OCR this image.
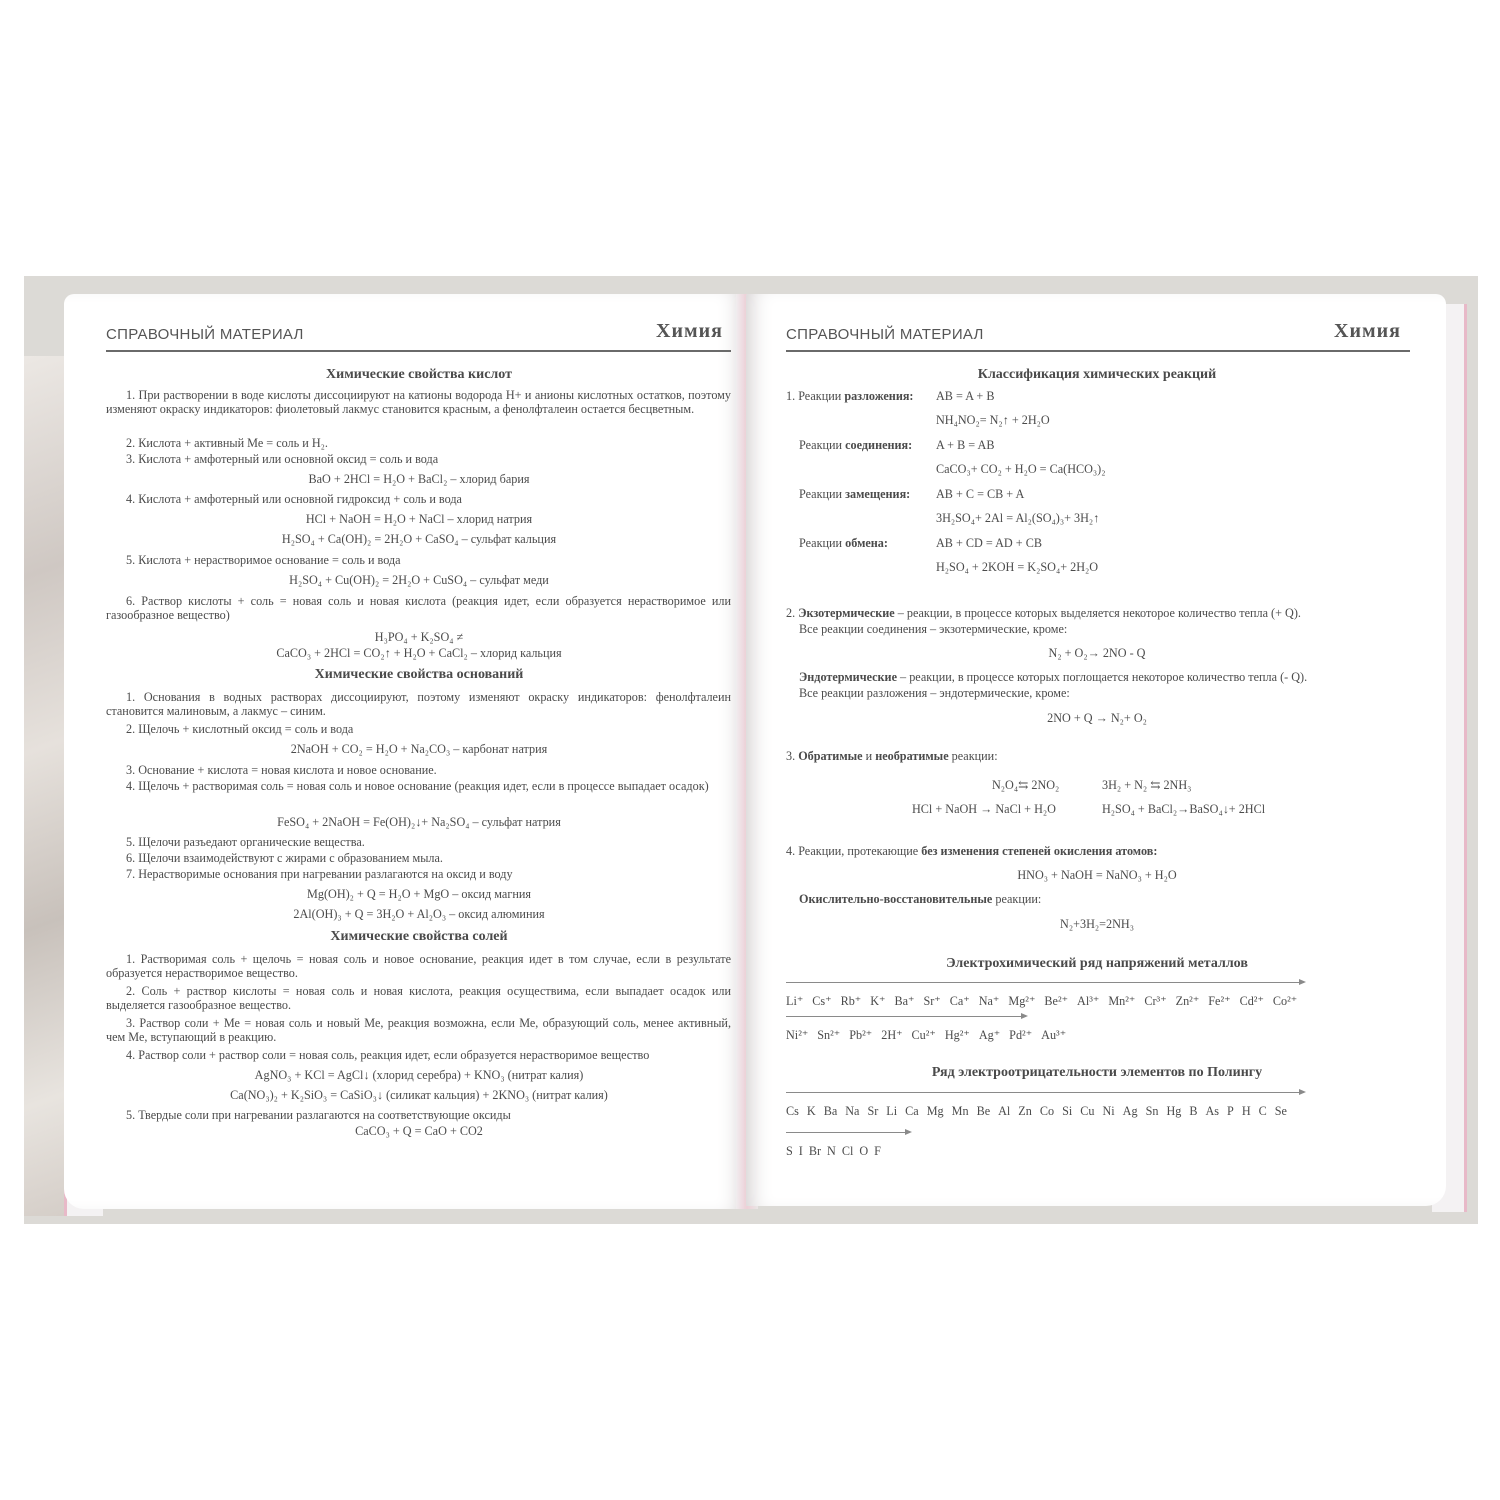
СПРАВОЧНЫЙ МАТЕРИАЛ	Химия
Химические свойства кислот
1. При растворении в воде кислоты диссоциируют на катионы водорода H+ и анионы кислотных остатков, поэтому изменяют окраску индикаторов: фиолетовый лакмус становится красным, а фенолфталеин остается бесцветным.
2. Кислота + активный Ме = соль и H₂.
3. Кислота + амфотерный или основной оксид = соль и вода
BaO + 2HCl = H₂O + BaCl₂ – хлорид бария
4. Кислота + амфотерный или основной гидроксид + соль и вода
HCl + NaOH = H₂O + NaCl – хлорид натрия
H₂SO₄ + Ca(OH)₂ = 2H₂O + CaSO₄ – сульфат кальция
5. Кислота + нерастворимое основание = соль и вода
H₂SO₄ + Cu(OH)₂ = 2H₂O + CuSO₄ – сульфат меди
6. Раствор кислоты + соль = новая соль и новая кислота (реакция идет, если образуется нерастворимое или газообразное вещество)
H₃PO₄ + K₂SO₄ ≠
CaCO₃ + 2HCl = CO₂↑ + H₂O + CaCl₂ – хлорид кальция
Химические свойства оснований
1. Основания в водных растворах диссоциируют, поэтому изменяют окраску индикаторов: фенолфталеин становится малиновым, а лакмус – синим.
2. Щелочь + кислотный оксид = соль и вода
2NaOH + CO₂ = H₂O + Na₂CO₃ – карбонат натрия
3. Основание + кислота = новая кислота и новое основание.
4. Щелочь + растворимая соль = новая соль и новое основание (реакция идет, если в процессе выпадает осадок)
FeSO₄ + 2NaOH = Fe(OH)₂↓+ Na₂SO₄ – сульфат натрия
5. Щелочи разъедают органические вещества.
6. Щелочи взаимодействуют с жирами с образованием мыла.
7. Нерастворимые основания при нагревании разлагаются на оксид и воду
Mg(OH)₂ + Q = H₂O + MgO – оксид магния
2Al(OH)₃ + Q = 3H₂O + Al₂O₃ – оксид алюминия
Химические свойства солей
1. Растворимая соль + щелочь = новая соль и новое основание, реакция идет в том случае, если в результате образуется нерастворимое вещество.
2. Соль + раствор кислоты = новая соль и новая кислота, реакция осуществима, если выпадает осадок или выделяется газообразное вещество.
3. Раствор соли + Ме = новая соль и новый Ме, реакция возможна, если Ме, образующий соль, менее активный, чем Ме, вступающий в реакцию.
4. Раствор соли + раствор соли = новая соль, реакция идет, если образуется нерастворимое вещество
AgNO₃ + KCl = AgCl↓ (хлорид серебра) + KNO₃ (нитрат калия)
Ca(NO₃)₂ + K₂SiO₃ = CaSiO₃↓ (силикат кальция) + 2KNO₃ (нитрат калия)
5. Твердые соли при нагревании разлагаются на соответствующие оксиды
CaCO₃ + Q = CaO + CO2
СПРАВОЧНЫЙ МАТЕРИАЛ	Химия
Классификация химических реакций
1. Реакции разложения: AB = A + B
NH₄NO₂= N₂↑ + 2H₂O
Реакции соединения: A + B = AB
CaCO₃+ CO₂ + H₂O = Ca(HCO₃)₂
Реакции замещения: AB + C = CB + A
3H₂SO₄+ 2Al = Al₂(SO₄)₃+ 3H₂↑
Реакции обмена:	AB + CD = AD + CB
H₂SO₄ + 2KOH = K₂SO₄+ 2H₂O
2. Экзотермические – реакции, в процессе которых выделяется некоторое количество тепла (+ Q).
Все реакции соединения – экзотермические, кроме:
N₂ + O₂→ 2NO - Q
Эндотермические – реакции, в процессе которых поглощается некоторое количество тепла (- Q).
Все реакции разложения – эндотермические, кроме:
2NO + Q → N₂+ O₂
3. Обратимые и необратимые реакции:
N₂O₄⇆ 2NO₂	3H₂ + N₂ ⇆ 2NH₃
HCl + NaOH → NaCl + H₂O	H₂SO₄ + BaCl₂→BaSO₄↓+ 2HCl
4. Реакции, протекающие без изменения степеней окисления атомов:
HNO₃ + NaOH = NaNO₃ + H₂O
Окислительно-восстановительные реакции:
N₂+3H₂=2NH₃
Электрохимический ряд напряжений металлов
Li⁺ Cs⁺ Rb⁺ K⁺ Ba⁺ Sr⁺ Ca⁺ Na⁺ Mg²⁺ Be²⁺ Al³⁺ Mn²⁺ Cr³⁺ Zn²⁺ Fe²⁺ Cd²⁺ Co²⁺
Ni²⁺ Sn²⁺ Pb²⁺ 2H⁺ Cu²⁺ Hg²⁺ Ag⁺ Pd²⁺ Au³⁺
Ряд электроотрицательности элементов по Полингу
Cs K Ba Na Sr Li Ca Mg Mn Be Al Zn Co Si Cu Ni Ag Sn Hg B As P H C Se
S I Br N Cl O F
